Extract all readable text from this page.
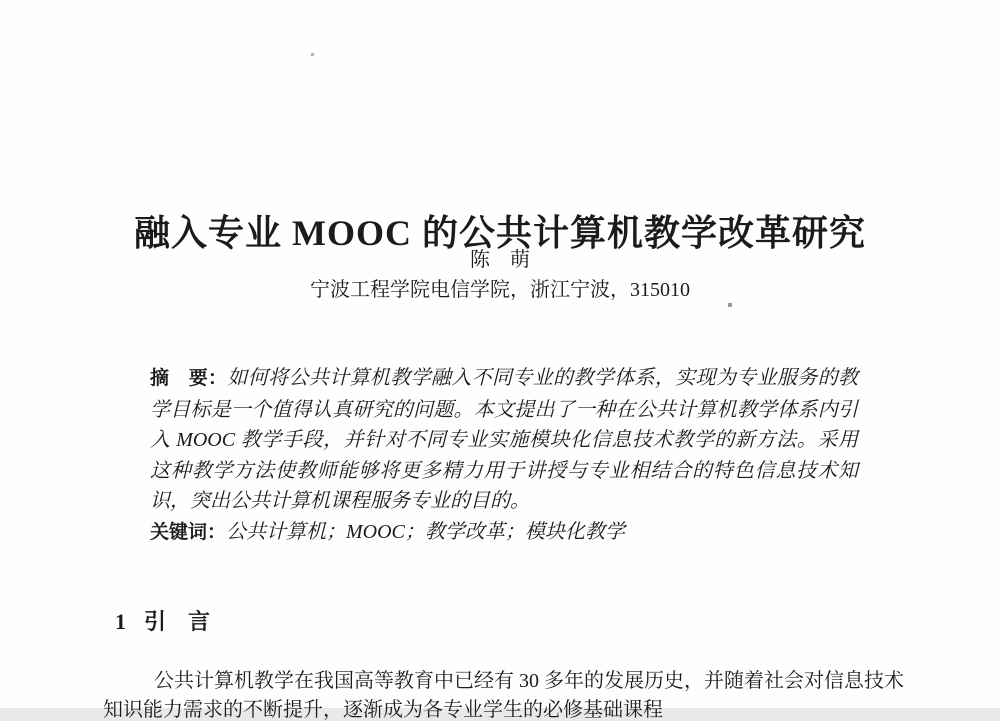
融入专业 MOOC 的公共计算机教学改革研究
陈　萌
宁波工程学院电信学院，浙江宁波，315010

摘　要：如何将公共计算机教学融入不同专业的教学体系，实现为专业服务的教学目标是一个值得认真研究的问题。本文提出了一种在公共计算机教学体系内引入 MOOC 教学手段，并针对不同专业实施模块化信息技术教学的新方法。采用这种教学方法使教师能够将更多精力用于讲授与专业相结合的特色信息技术知识，突出公共计算机课程服务专业的目的。

关键词：公共计算机；MOOC；教学改革；模块化教学

1 引　言
公共计算机教学在我国高等教育中已经有 30 多年的发展历史，并随着社会对信息技术
知识能力需求的不断提升，逐渐成为各专业学生的必修基础课程
